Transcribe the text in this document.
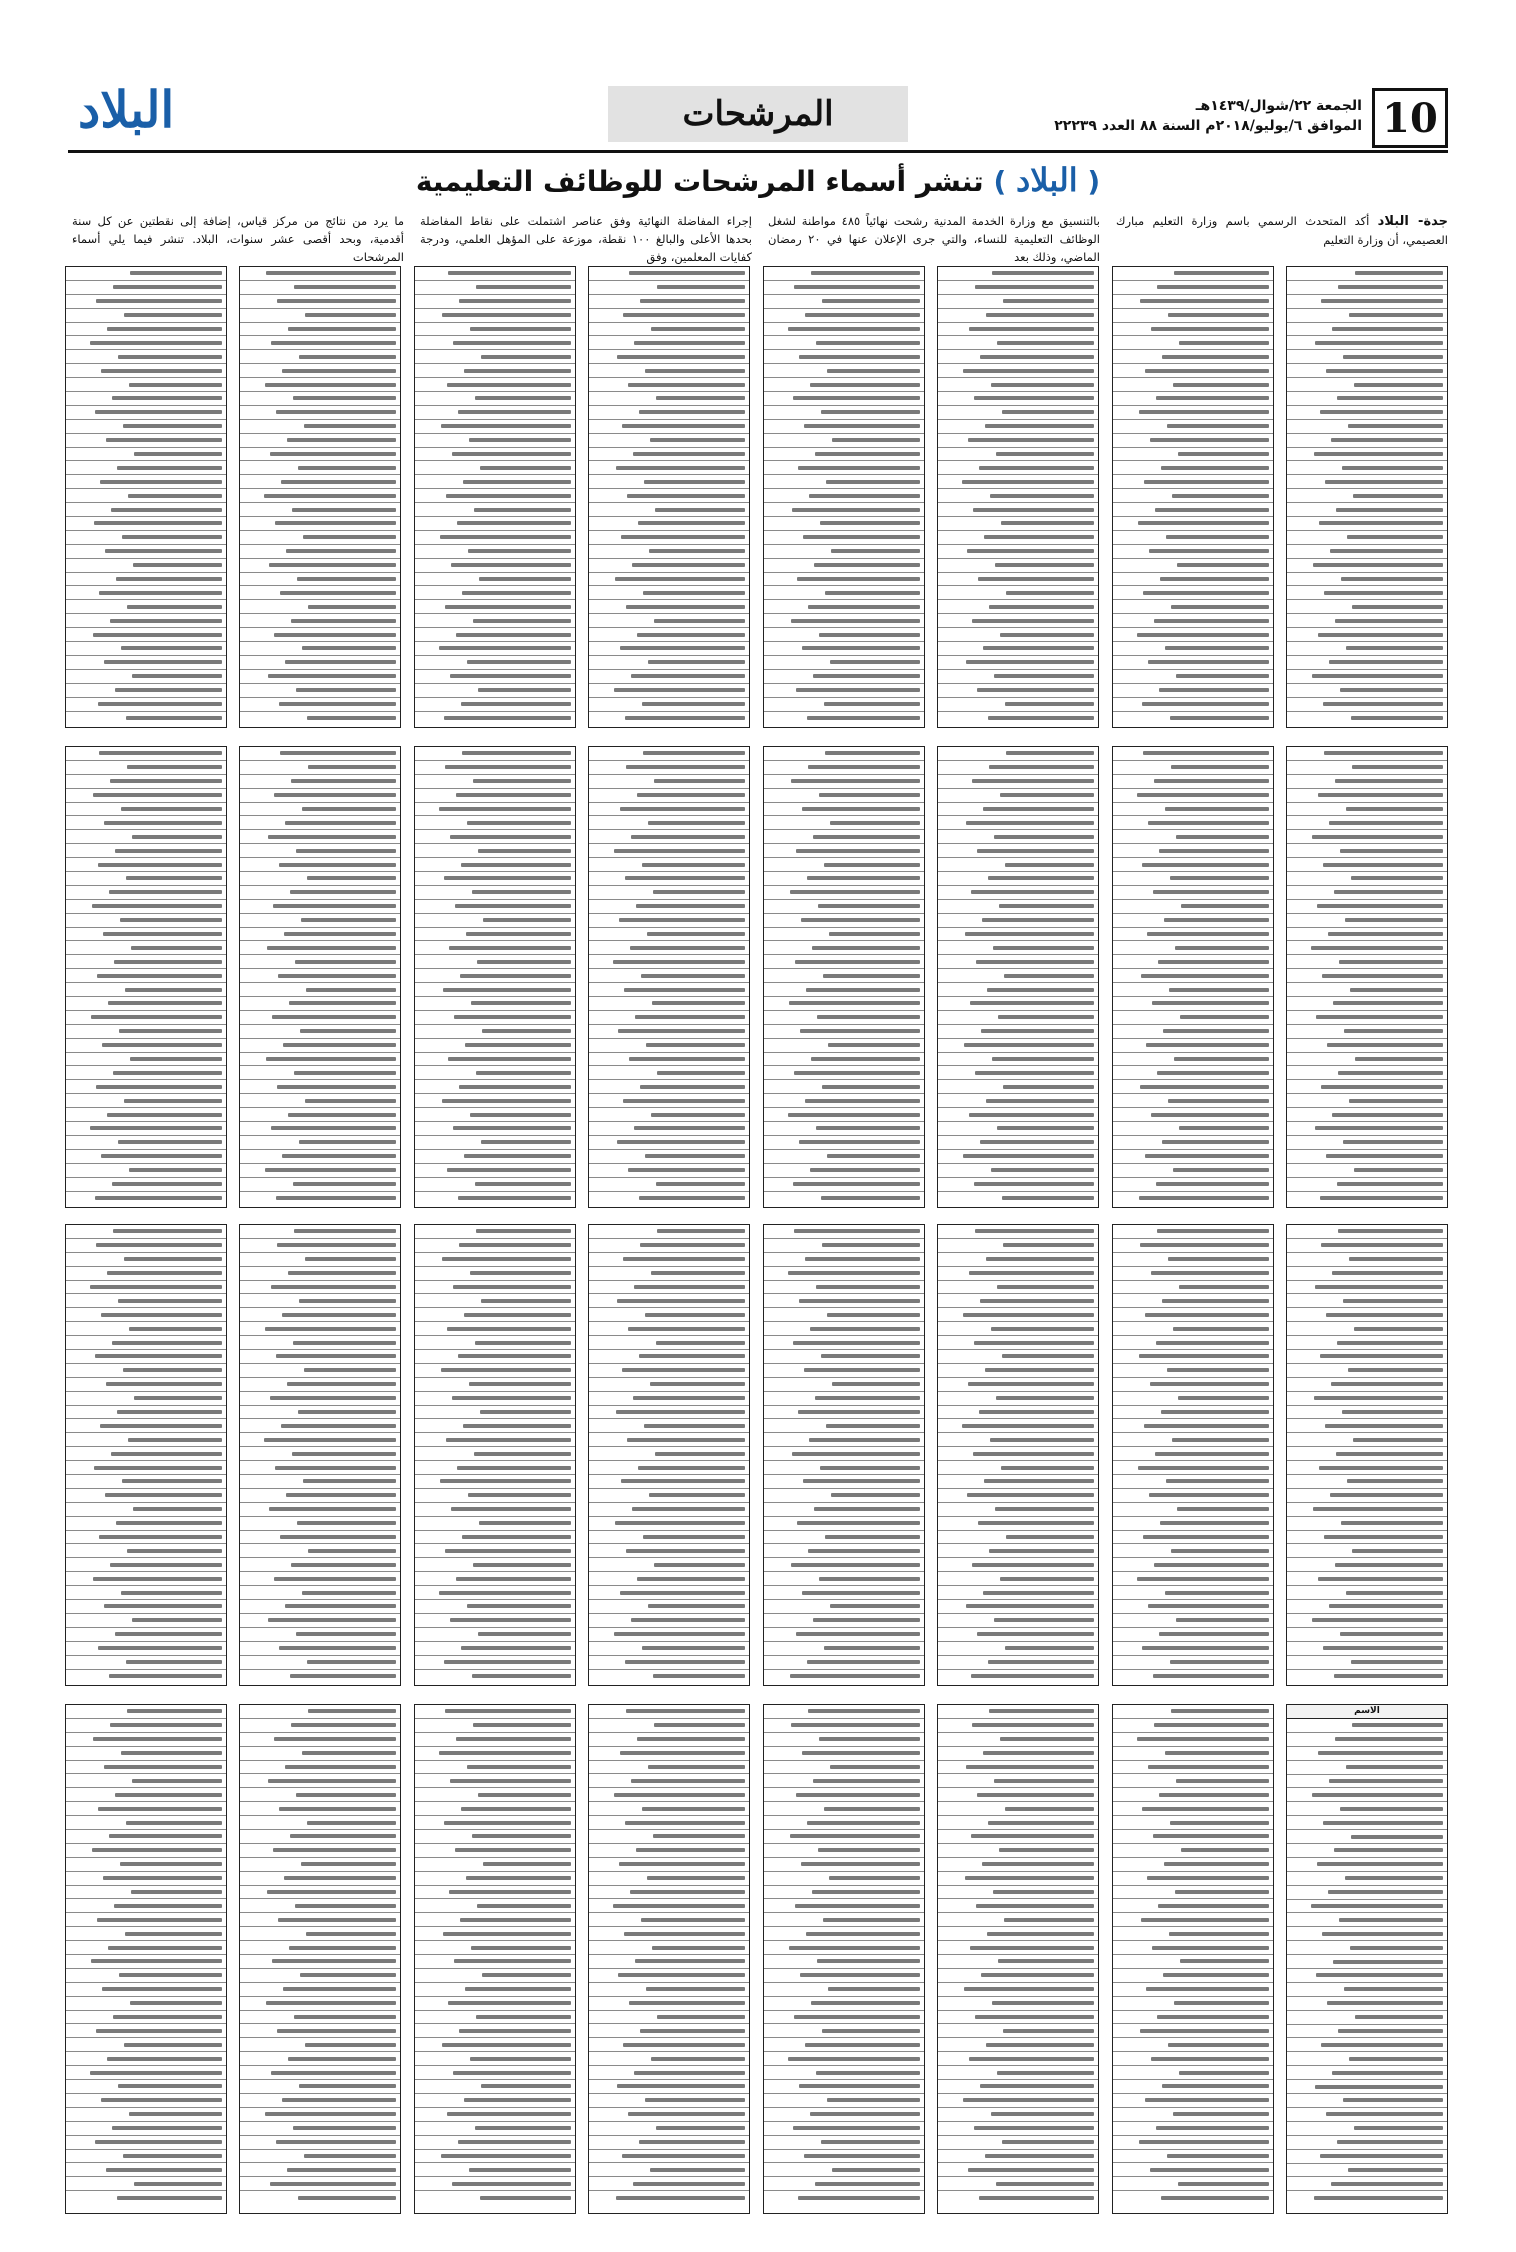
10
الجمعة ٢٢/شوال/١٤٣٩هـ
الموافق ٦/يوليو/٢٠١٨م السنة ٨٨ العدد ٢٢٢٣٩
المرشحات
البلاد
( البلاد ) تنشر أسماء المرشحات للوظائف التعليمية
جدة- البلاد أكد المتحدث الرسمي باسم وزارة التعليم مبارك العصيمي، أن وزارة التعليم
بالتنسيق مع وزارة الخدمة المدنية رشحت نهائياً ٤٨٥ مواطنة لشغل الوظائف التعليمية للنساء، والتي جرى الإعلان عنها في ٢٠ رمضان الماضي، وذلك بعد
إجراء المفاضلة النهائية وفق عناصر اشتملت على نقاط المفاضلة بحدها الأعلى والبالغ ١٠٠ نقطة، موزعة على المؤهل العلمي، ودرجة كفايات المعلمين، وفق
ما يرد من نتائج من مركز قياس، إضافة إلى نقطتين عن كل سنة أقدمية، وبحد أقصى عشر سنوات، البلاد. تنشر فيما يلي أسماء المرشحات
الاسم
